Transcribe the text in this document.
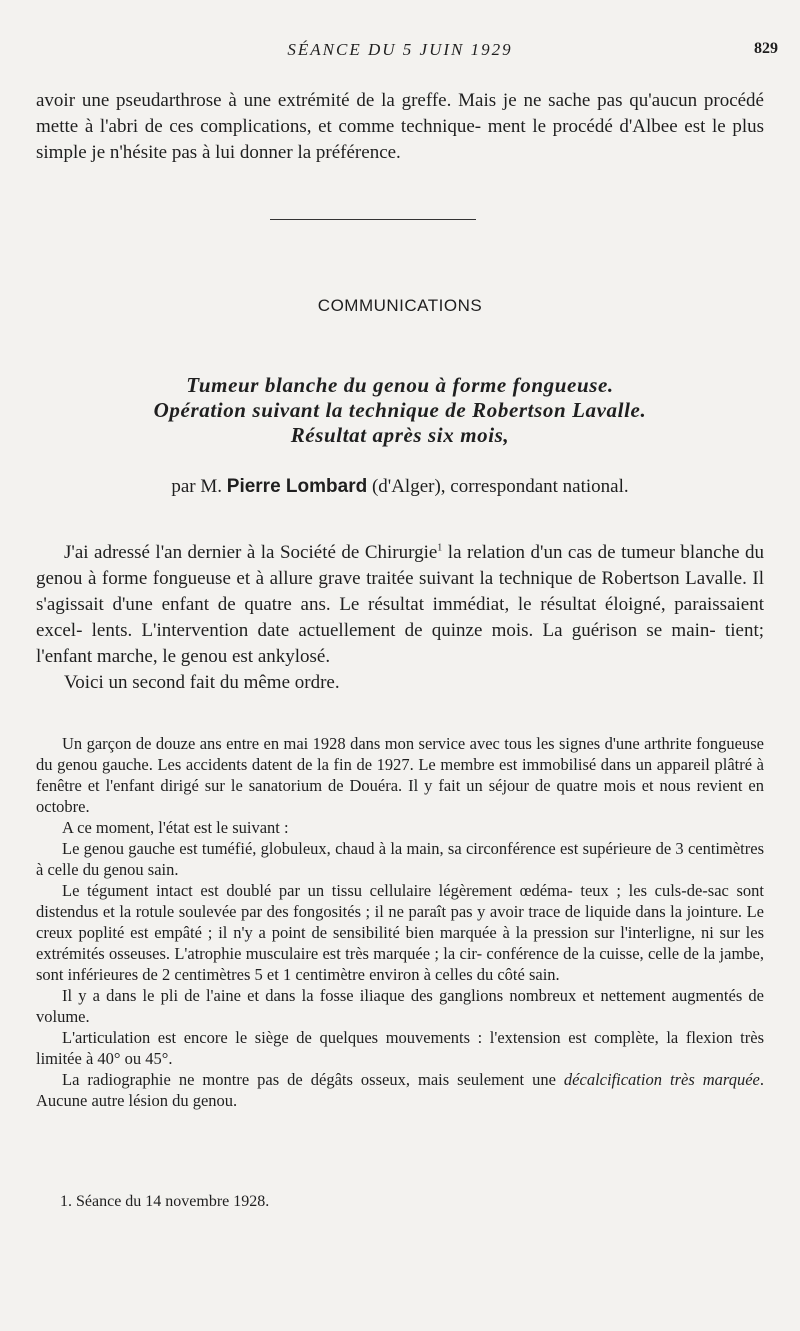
SÉANCE DU 5 JUIN 1929	829
avoir une pseudarthrose à une extrémité de la greffe. Mais je ne sache pas qu'aucun procédé mette à l'abri de ces complications, et comme technique- ment le procédé d'Albee est le plus simple je n'hésite pas à lui donner la préférence.
COMMUNICATIONS
Tumeur blanche du genou à forme fongueuse.
Opération suivant la technique de Robertson Lavalle.
Résultat après six mois,
par M. Pierre Lombard (d'Alger), correspondant national.

J'ai adressé l'an dernier à la Société de Chirurgie$^1$ la relation d'un cas de tumeur blanche du genou à forme fongueuse et à allure grave traitée suivant la technique de Robertson Lavalle. Il s'agissait d'une enfant de quatre ans. Le résultat immédiat, le résultat éloigné, paraissaient excel- lents. L'intervention date actuellement de quinze mois. La guérison se main- tient; l'enfant marche, le genou est ankylosé.

Voici un second fait du même ordre.

Un garçon de douze ans entre en mai 1928 dans mon service avec tous les signes d'une arthrite fongueuse du genou gauche. Les accidents datent de la fin de 1927. Le membre est immobilisé dans un appareil plâtré à fenêtre et l'enfant dirigé sur le sanatorium de Douéra. Il y fait un séjour de quatre mois et nous revient en octobre.

A ce moment, l'état est le suivant :

Le genou gauche est tuméfié, globuleux, chaud à la main, sa circonférence est supérieure de 3 centimètres à celle du genou sain.

Le tégument intact est doublé par un tissu cellulaire légèrement œdéma- teux ; les culs-de-sac sont distendus et la rotule soulevée par des fongosités ; il ne paraît pas y avoir trace de liquide dans la jointure. Le creux poplité est empâté ; il n'y a point de sensibilité bien marquée à la pression sur l'interligne, ni sur les extrémités osseuses. L'atrophie musculaire est très marquée ; la cir- conférence de la cuisse, celle de la jambe, sont inférieures de 2 centimètres 5 et 1 centimètre environ à celles du côté sain.

Il y a dans le pli de l'aine et dans la fosse iliaque des ganglions nombreux et nettement augmentés de volume.

L'articulation est encore le siège de quelques mouvements : l'extension est complète, la flexion très limitée à 40° ou 45°.

La radiographie ne montre pas de dégâts osseux, mais seulement une décalcification très marquée. Aucune autre lésion du genou.

1. Séance du 14 novembre 1928.
